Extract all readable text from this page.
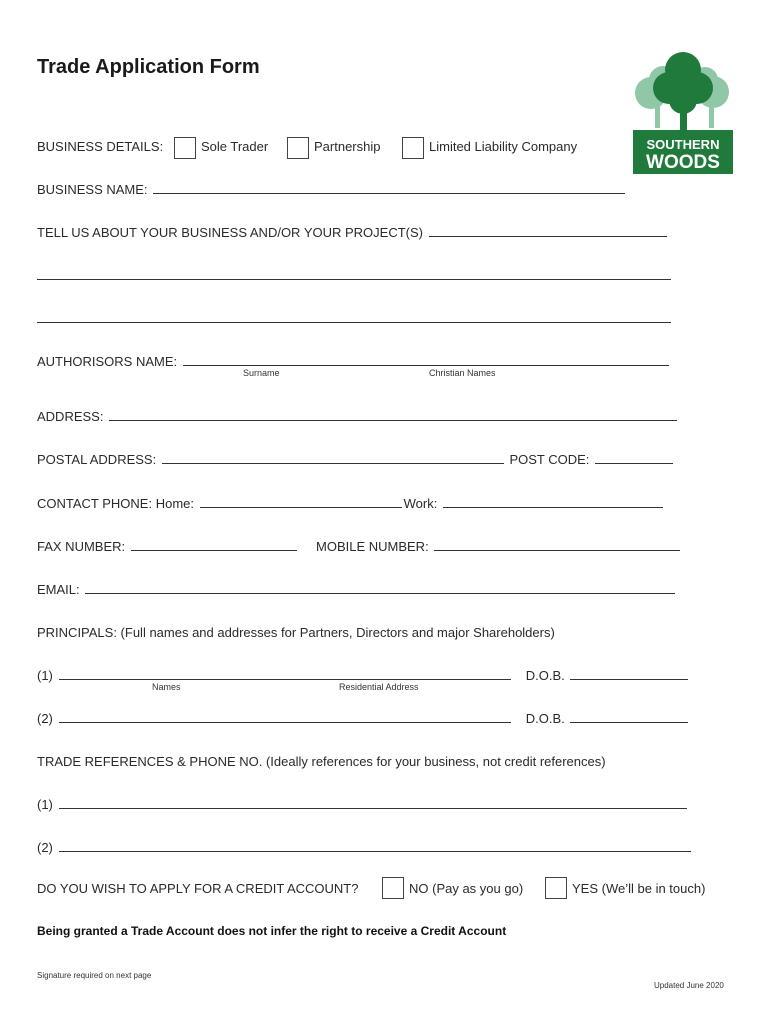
Trade Application Form
SOUTHERN
WOODS
BUSINESS DETAILS:	Sole Trader	Partnership	Limited Liability Company
BUSINESS NAME:
TELL US ABOUT YOUR BUSINESS AND/OR YOUR PROJECT(S)
AUTHORISORS NAME:
Surname	Christian Names
ADDRESS:
POSTAL ADDRESS:	POST CODE:
CONTACT PHONE: Home:	Work:
FAX NUMBER:	MOBILE NUMBER:
EMAIL:
PRINCIPALS: (Full names and addresses for Partners, Directors and major Shareholders)
(1)	D.O.B.
Names	Residential Address
(2)	D.O.B.
TRADE REFERENCES & PHONE NO. (Ideally references for your business, not credit references)
(1)
(2)
DO YOU WISH TO APPLY FOR A CREDIT ACCOUNT?	NO (Pay as you go)	YES (We’ll be in touch)
Being granted a Trade Account does not infer the right to receive a Credit Account
Signature required on next page
Updated June 2020
